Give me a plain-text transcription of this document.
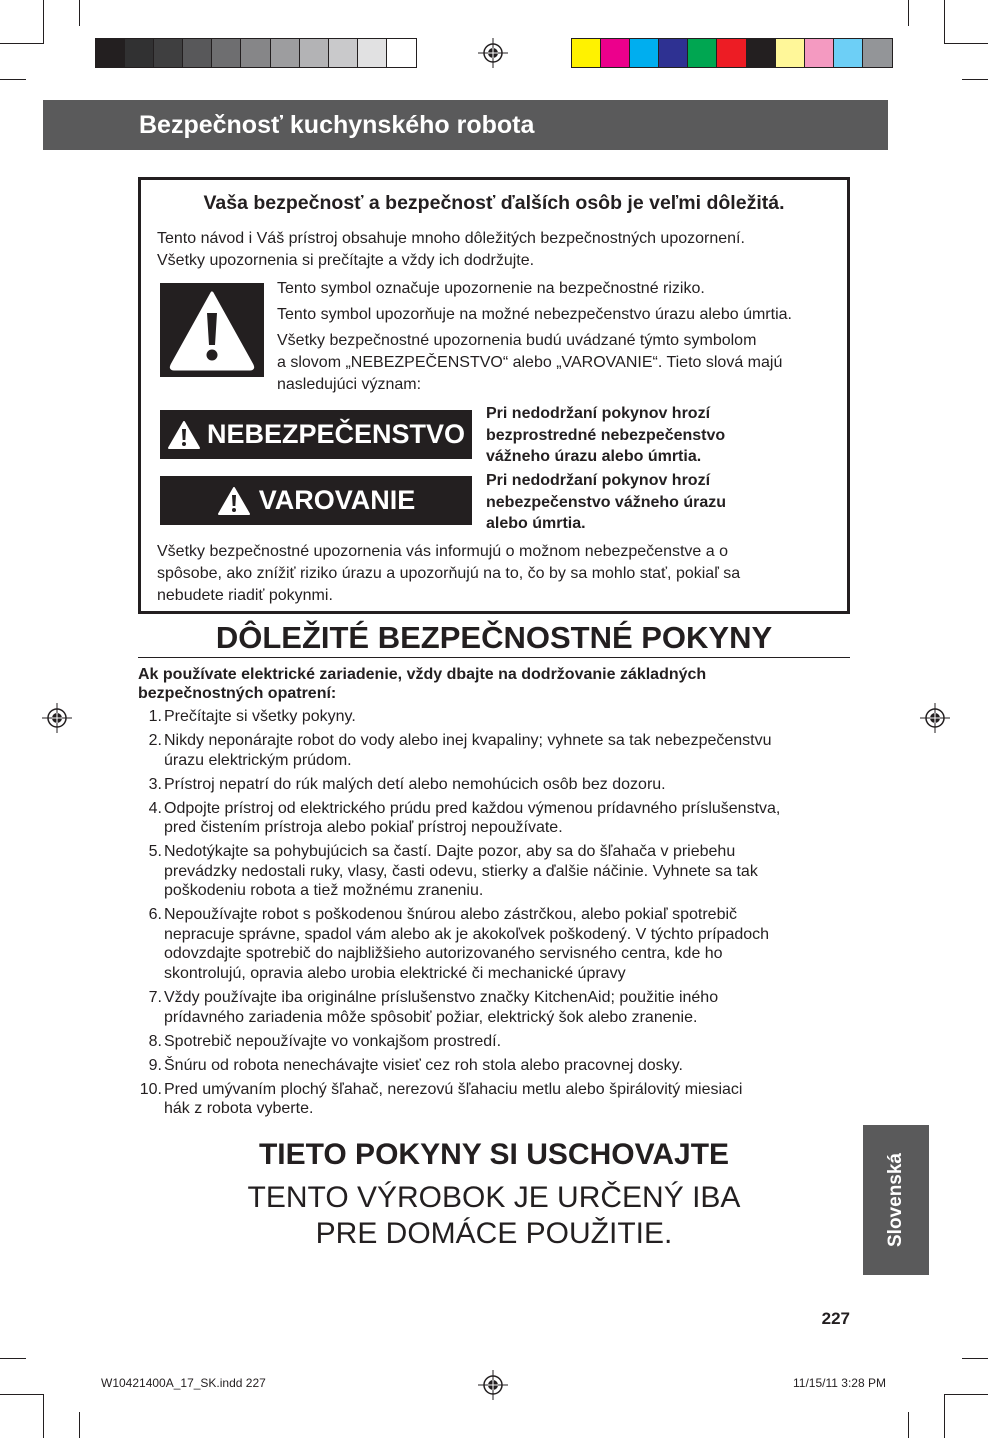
Bezpečnosť kuchynského robota
Vaša bezpečnosť a bezpečnosť ďalších osôb je veľmi dôležitá.
Tento návod i Váš prístroj obsahuje mnoho dôležitých bezpečnostných upozornení.
Všetky upozornenia si prečítajte a vždy ich dodržujte.
Tento symbol označuje upozornenie na bezpečnostné riziko.
Tento symbol upozorňuje na možné nebezpečenstvo úrazu alebo úmrtia.
Všetky bezpečnostné upozornenia budú uvádzané týmto symbolom
a slovom „NEBEZPEČENSTVO“ alebo „VAROVANIE“. Tieto slová majú
nasledujúci význam:
NEBEZPEČENSTVO
Pri nedodržaní pokynov hrozí
bezprostredné nebezpečenstvo
vážneho úrazu alebo úmrtia.
VAROVANIE
Pri nedodržaní pokynov hrozí
nebezpečenstvo vážneho úrazu
alebo úmrtia.
Všetky bezpečnostné upozornenia vás informujú o možnom nebezpečenstve a o
spôsobe, ako znížiť riziko úrazu a upozorňujú na to, čo by sa mohlo stať, pokiaľ sa
nebudete riadiť pokynmi.
DÔLEŽITÉ BEZPEČNOSTNÉ POKYNY
Ak používate elektrické zariadenie, vždy dbajte na dodržovanie základných
bezpečnostných opatrení:
1. Prečítajte si všetky pokyny.
2. Nikdy neponárajte robot do vody alebo inej kvapaliny; vyhnete sa tak nebezpečenstvu
úrazu elektrickým prúdom.
3. Prístroj nepatrí do rúk malých detí alebo nemohúcich osôb bez dozoru.
4. Odpojte prístroj od elektrického prúdu pred každou výmenou prídavného príslušenstva,
pred čistením prístroja alebo pokiaľ prístroj nepoužívate.
5. Nedotýkajte sa pohybujúcich sa častí. Dajte pozor, aby sa do šľahača v priebehu
prevádzky nedostali ruky, vlasy, časti odevu, stierky a ďalšie náčinie. Vyhnete sa tak
poškodeniu robota a tiež možnému zraneniu.
6. Nepoužívajte robot s poškodenou šnúrou alebo zástrčkou, alebo pokiaľ spotrebič
nepracuje správne, spadol vám alebo ak je akokoľvek poškodený. V týchto prípadoch
odovzdajte spotrebič do najbližšieho autorizovaného servisného centra, kde ho
skontrolujú, opravia alebo urobia elektrické či mechanické úpravy
7. Vždy používajte iba originálne príslušenstvo značky KitchenAid; použitie iného
prídavného zariadenia môže spôsobiť požiar, elektrický šok alebo zranenie.
8. Spotrebič nepoužívajte vo vonkajšom prostredí.
9. Šnúru od robota nenechávajte visieť cez roh stola alebo pracovnej dosky.
10. Pred umývaním plochý šľahač, nerezovú šľahaciu metlu alebo špirálovitý miesiaci
hák z robota vyberte.
TIETO POKYNY SI USCHOVAJTE
TENTO VÝROBOK JE URČENÝ IBA
PRE DOMÁCE POUŽITIE.	Slovenská
227
W10421400A_17_SK.indd 227	11/15/11 3:28 PM
